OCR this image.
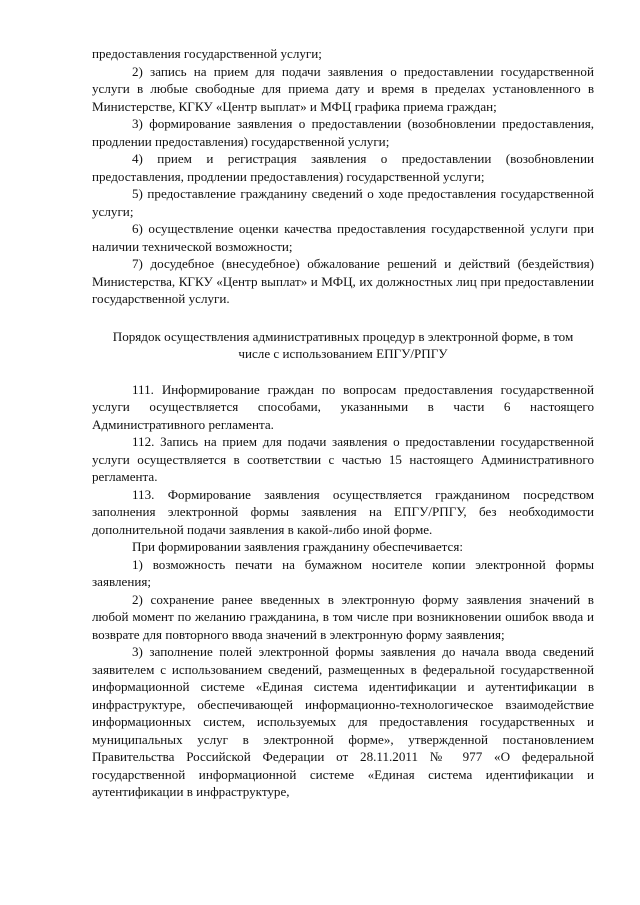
предоставления государственной услуги;

2) запись на прием для подачи заявления о предоставлении государственной услуги в любые свободные для приема дату и время в пределах установленного в Министерстве, КГКУ «Центр выплат» и МФЦ графика приема граждан;

3) формирование заявления о предоставлении (возобновлении предоставления, продлении предоставления) государственной услуги;

4) прием и регистрация заявления о предоставлении (возобновлении предоставления, продлении предоставления) государственной услуги;

5) предоставление гражданину сведений о ходе предоставления государственной услуги;

6) осуществление оценки качества предоставления государственной услуги при наличии технической возможности;

7) досудебное (внесудебное) обжалование решений и действий (бездействия) Министерства, КГКУ «Центр выплат» и МФЦ, их должностных лиц при предоставлении государственной услуги.

Порядок осуществления административных процедур в электронной форме, в том числе с использованием ЕПГУ/РПГУ

111. Информирование граждан по вопросам предоставления государственной услуги осуществляется способами, указанными в части 6 настоящего Административного регламента.

112. Запись на прием для подачи заявления о предоставлении государственной услуги осуществляется в соответствии с частью 15 настоящего Административного регламента.

113. Формирование заявления осуществляется гражданином посредством заполнения электронной формы заявления на ЕПГУ/РПГУ, без необходимости дополнительной подачи заявления в какой-либо иной форме.

При формировании заявления гражданину обеспечивается:

1) возможность печати на бумажном носителе копии электронной формы заявления;

2) сохранение ранее введенных в электронную форму заявления значений в любой момент по желанию гражданина, в том числе при возникновении ошибок ввода и возврате для повторного ввода значений в электронную форму заявления;

3) заполнение полей электронной формы заявления до начала ввода сведений заявителем с использованием сведений, размещенных в федеральной государственной информационной системе «Единая система идентификации и аутентификации в инфраструктуре, обеспечивающей информационно-технологическое взаимодействие информационных систем, используемых для предоставления государственных и муниципальных услуг в электронной форме», утвержденной постановлением Правительства Российской Федерации от 28.11.2011 № 977 «О федеральной государственной информационной системе «Единая система идентификации и аутентификации в инфраструктуре,
